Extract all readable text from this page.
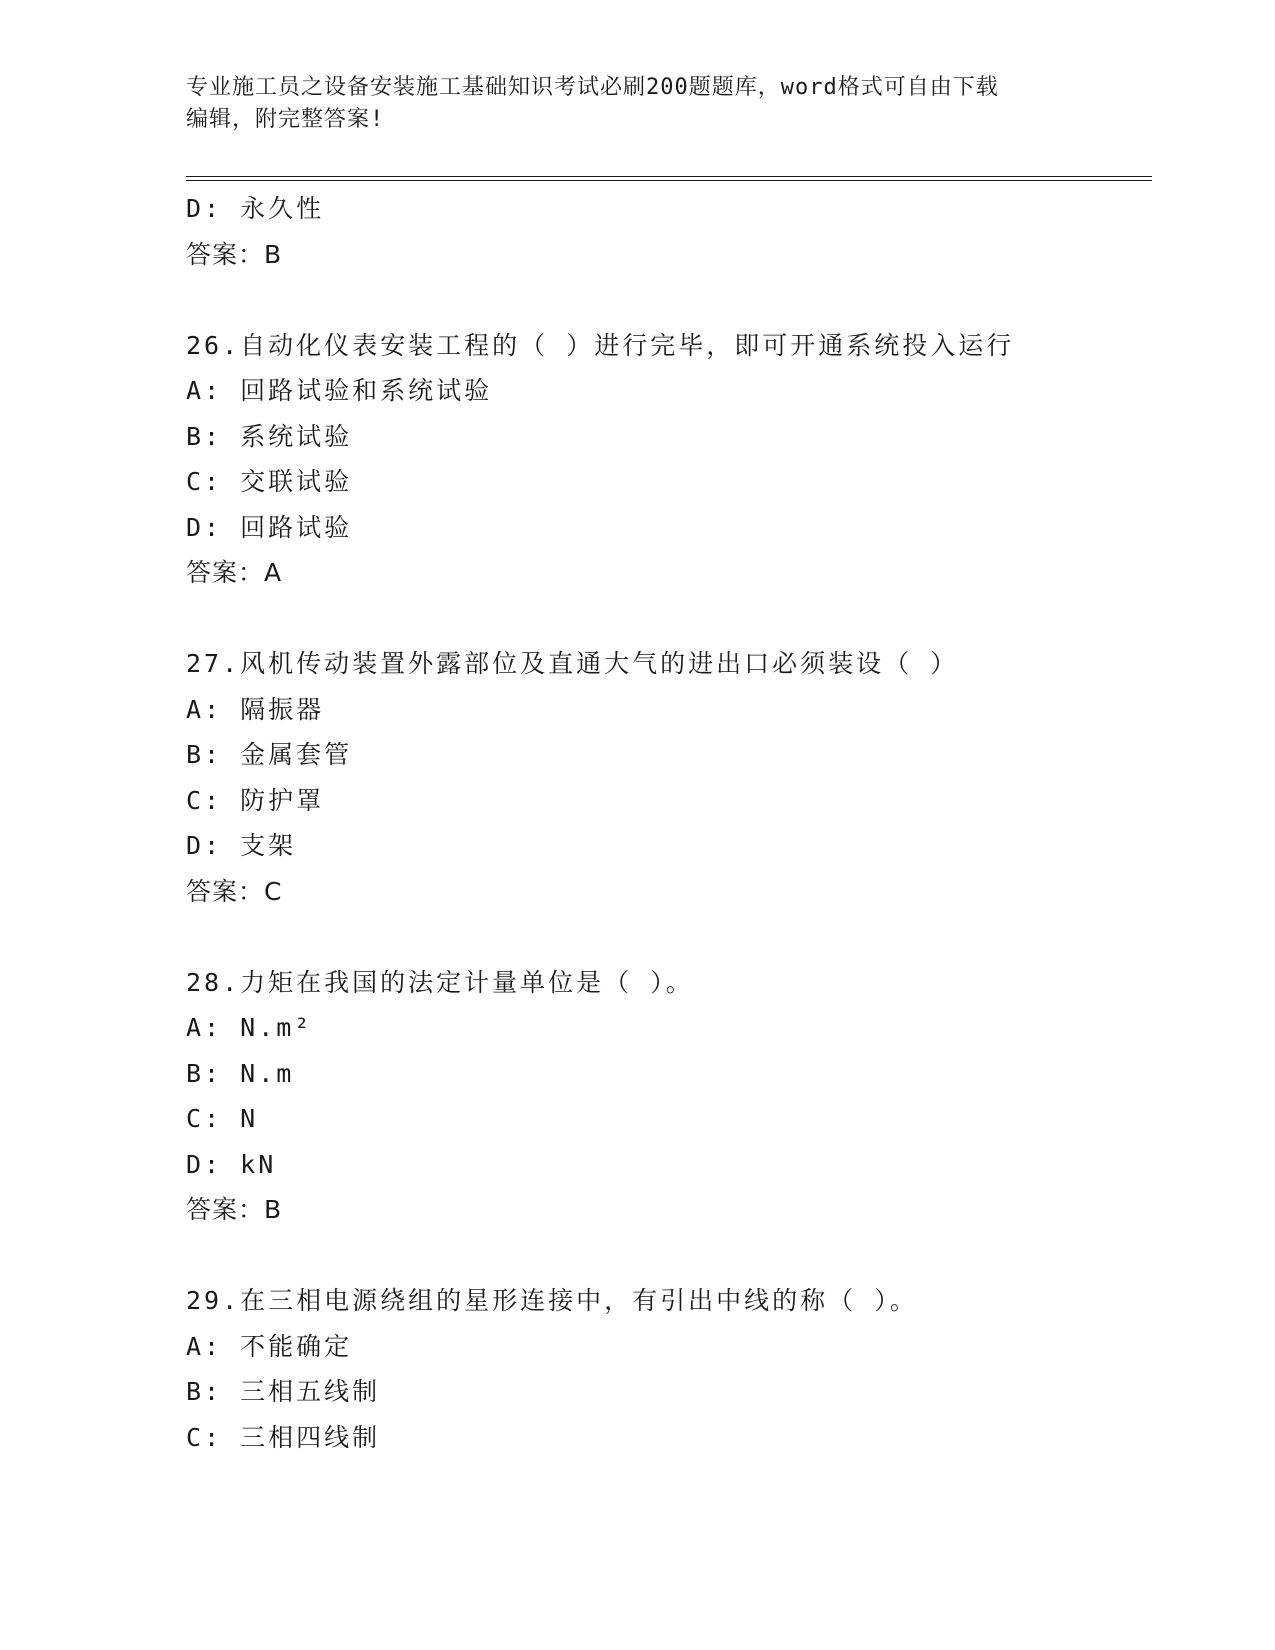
专业施工员之设备安装施工基础知识考试必刷200题题库，word格式可自由下载
编辑，附完整答案!
D: 永久性
答案：B
26.自动化仪表安装工程的（ ）进行完毕，即可开通系统投入运行
A: 回路试验和系统试验
B: 系统试验
C: 交联试验
D: 回路试验
答案：A
27.风机传动装置外露部位及直通大气的进出口必须装设（ ）
A: 隔振器
B: 金属套管
C: 防护罩
D: 支架
答案：C
28.力矩在我国的法定计量单位是（ ）。
A: N.m²
B: N.m
C: N
D: kN
答案：B
29.在三相电源绕组的星形连接中，有引出中线的称（ ）。
A: 不能确定
B: 三相五线制
C: 三相四线制
